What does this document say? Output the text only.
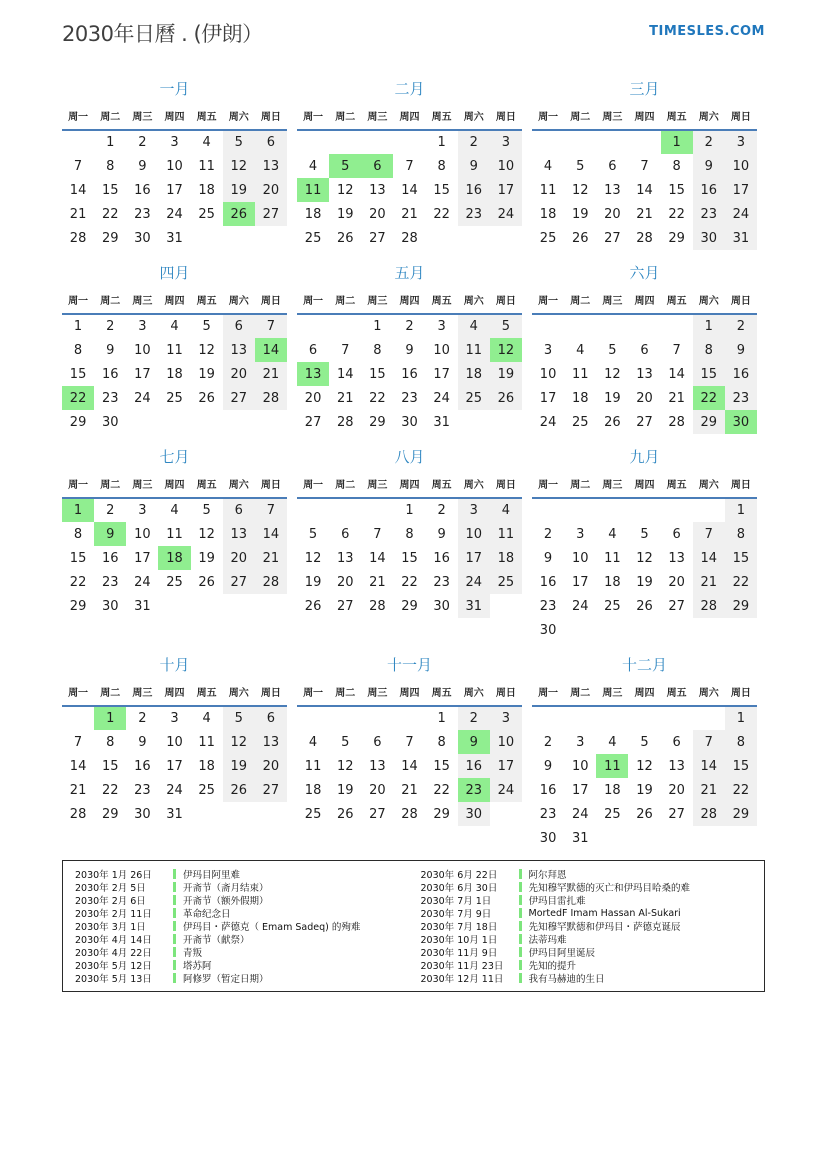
2030年日曆 . (伊朗）	TIMESLES.COM
一月
周一	周二	周三	周四	周五	周六	周日
	1	2	3	4	5	6
7	8	9	10	11	12	13
14	15	16	17	18	19	20
21	22	23	24	25	26	27
28	29	30	31			
二月
周一	周二	周三	周四	周五	周六	周日
				1	2	3
4	5	6	7	8	9	10
11	12	13	14	15	16	17
18	19	20	21	22	23	24
25	26	27	28			
三月
周一	周二	周三	周四	周五	周六	周日
				1	2	3
4	5	6	7	8	9	10
11	12	13	14	15	16	17
18	19	20	21	22	23	24
25	26	27	28	29	30	31
四月
周一	周二	周三	周四	周五	周六	周日
1	2	3	4	5	6	7
8	9	10	11	12	13	14
15	16	17	18	19	20	21
22	23	24	25	26	27	28
29	30					
五月
周一	周二	周三	周四	周五	周六	周日
		1	2	3	4	5
6	7	8	9	10	11	12
13	14	15	16	17	18	19
20	21	22	23	24	25	26
27	28	29	30	31		
六月
周一	周二	周三	周四	周五	周六	周日
					1	2
3	4	5	6	7	8	9
10	11	12	13	14	15	16
17	18	19	20	21	22	23
24	25	26	27	28	29	30
七月
周一	周二	周三	周四	周五	周六	周日
1	2	3	4	5	6	7
8	9	10	11	12	13	14
15	16	17	18	19	20	21
22	23	24	25	26	27	28
29	30	31				
八月
周一	周二	周三	周四	周五	周六	周日
			1	2	3	4
5	6	7	8	9	10	11
12	13	14	15	16	17	18
19	20	21	22	23	24	25
26	27	28	29	30	31	
九月
周一	周二	周三	周四	周五	周六	周日
						1
2	3	4	5	6	7	8
9	10	11	12	13	14	15
16	17	18	19	20	21	22
23	24	25	26	27	28	29
30						
十月
周一	周二	周三	周四	周五	周六	周日
	1	2	3	4	5	6
7	8	9	10	11	12	13
14	15	16	17	18	19	20
21	22	23	24	25	26	27
28	29	30	31			
十一月
周一	周二	周三	周四	周五	周六	周日
				1	2	3
4	5	6	7	8	9	10
11	12	13	14	15	16	17
18	19	20	21	22	23	24
25	26	27	28	29	30	
十二月
周一	周二	周三	周四	周五	周六	周日
						1
2	3	4	5	6	7	8
9	10	11	12	13	14	15
16	17	18	19	20	21	22
23	24	25	26	27	28	29
30	31					
2030年 1月 26日	伊玛目阿里难
2030年 2月 5日	开斋节（斋月结束）
2030年 2月 6日	开斋节（额外假期）
2030年 2月 11日	革命纪念日
2030年 3月 1日	伊玛目・萨德克（ Emam Sadeq) 的殉难
2030年 4月 14日	开斋节（献祭）
2030年 4月 22日	青叛
2030年 5月 12日	塔苏阿
2030年 5月 13日	阿修罗（暂定日期）
2030年 6月 22日	阿尔拜恩
2030年 6月 30日	先知穆罕默德的灭亡和伊玛目哈桑的难
2030年 7月 1日	伊玛目雷扎难
2030年 7月 9日	MortedF Imam Hassan Al-Sukari
2030年 7月 18日	先知穆罕默德和伊玛目・萨德克诞辰
2030年 10月 1日	法蒂玛难
2030年 11月 9日	伊玛目阿里诞辰
2030年 11月 23日	先知的提升
2030年 12月 11日	我有马赫迪的生日
